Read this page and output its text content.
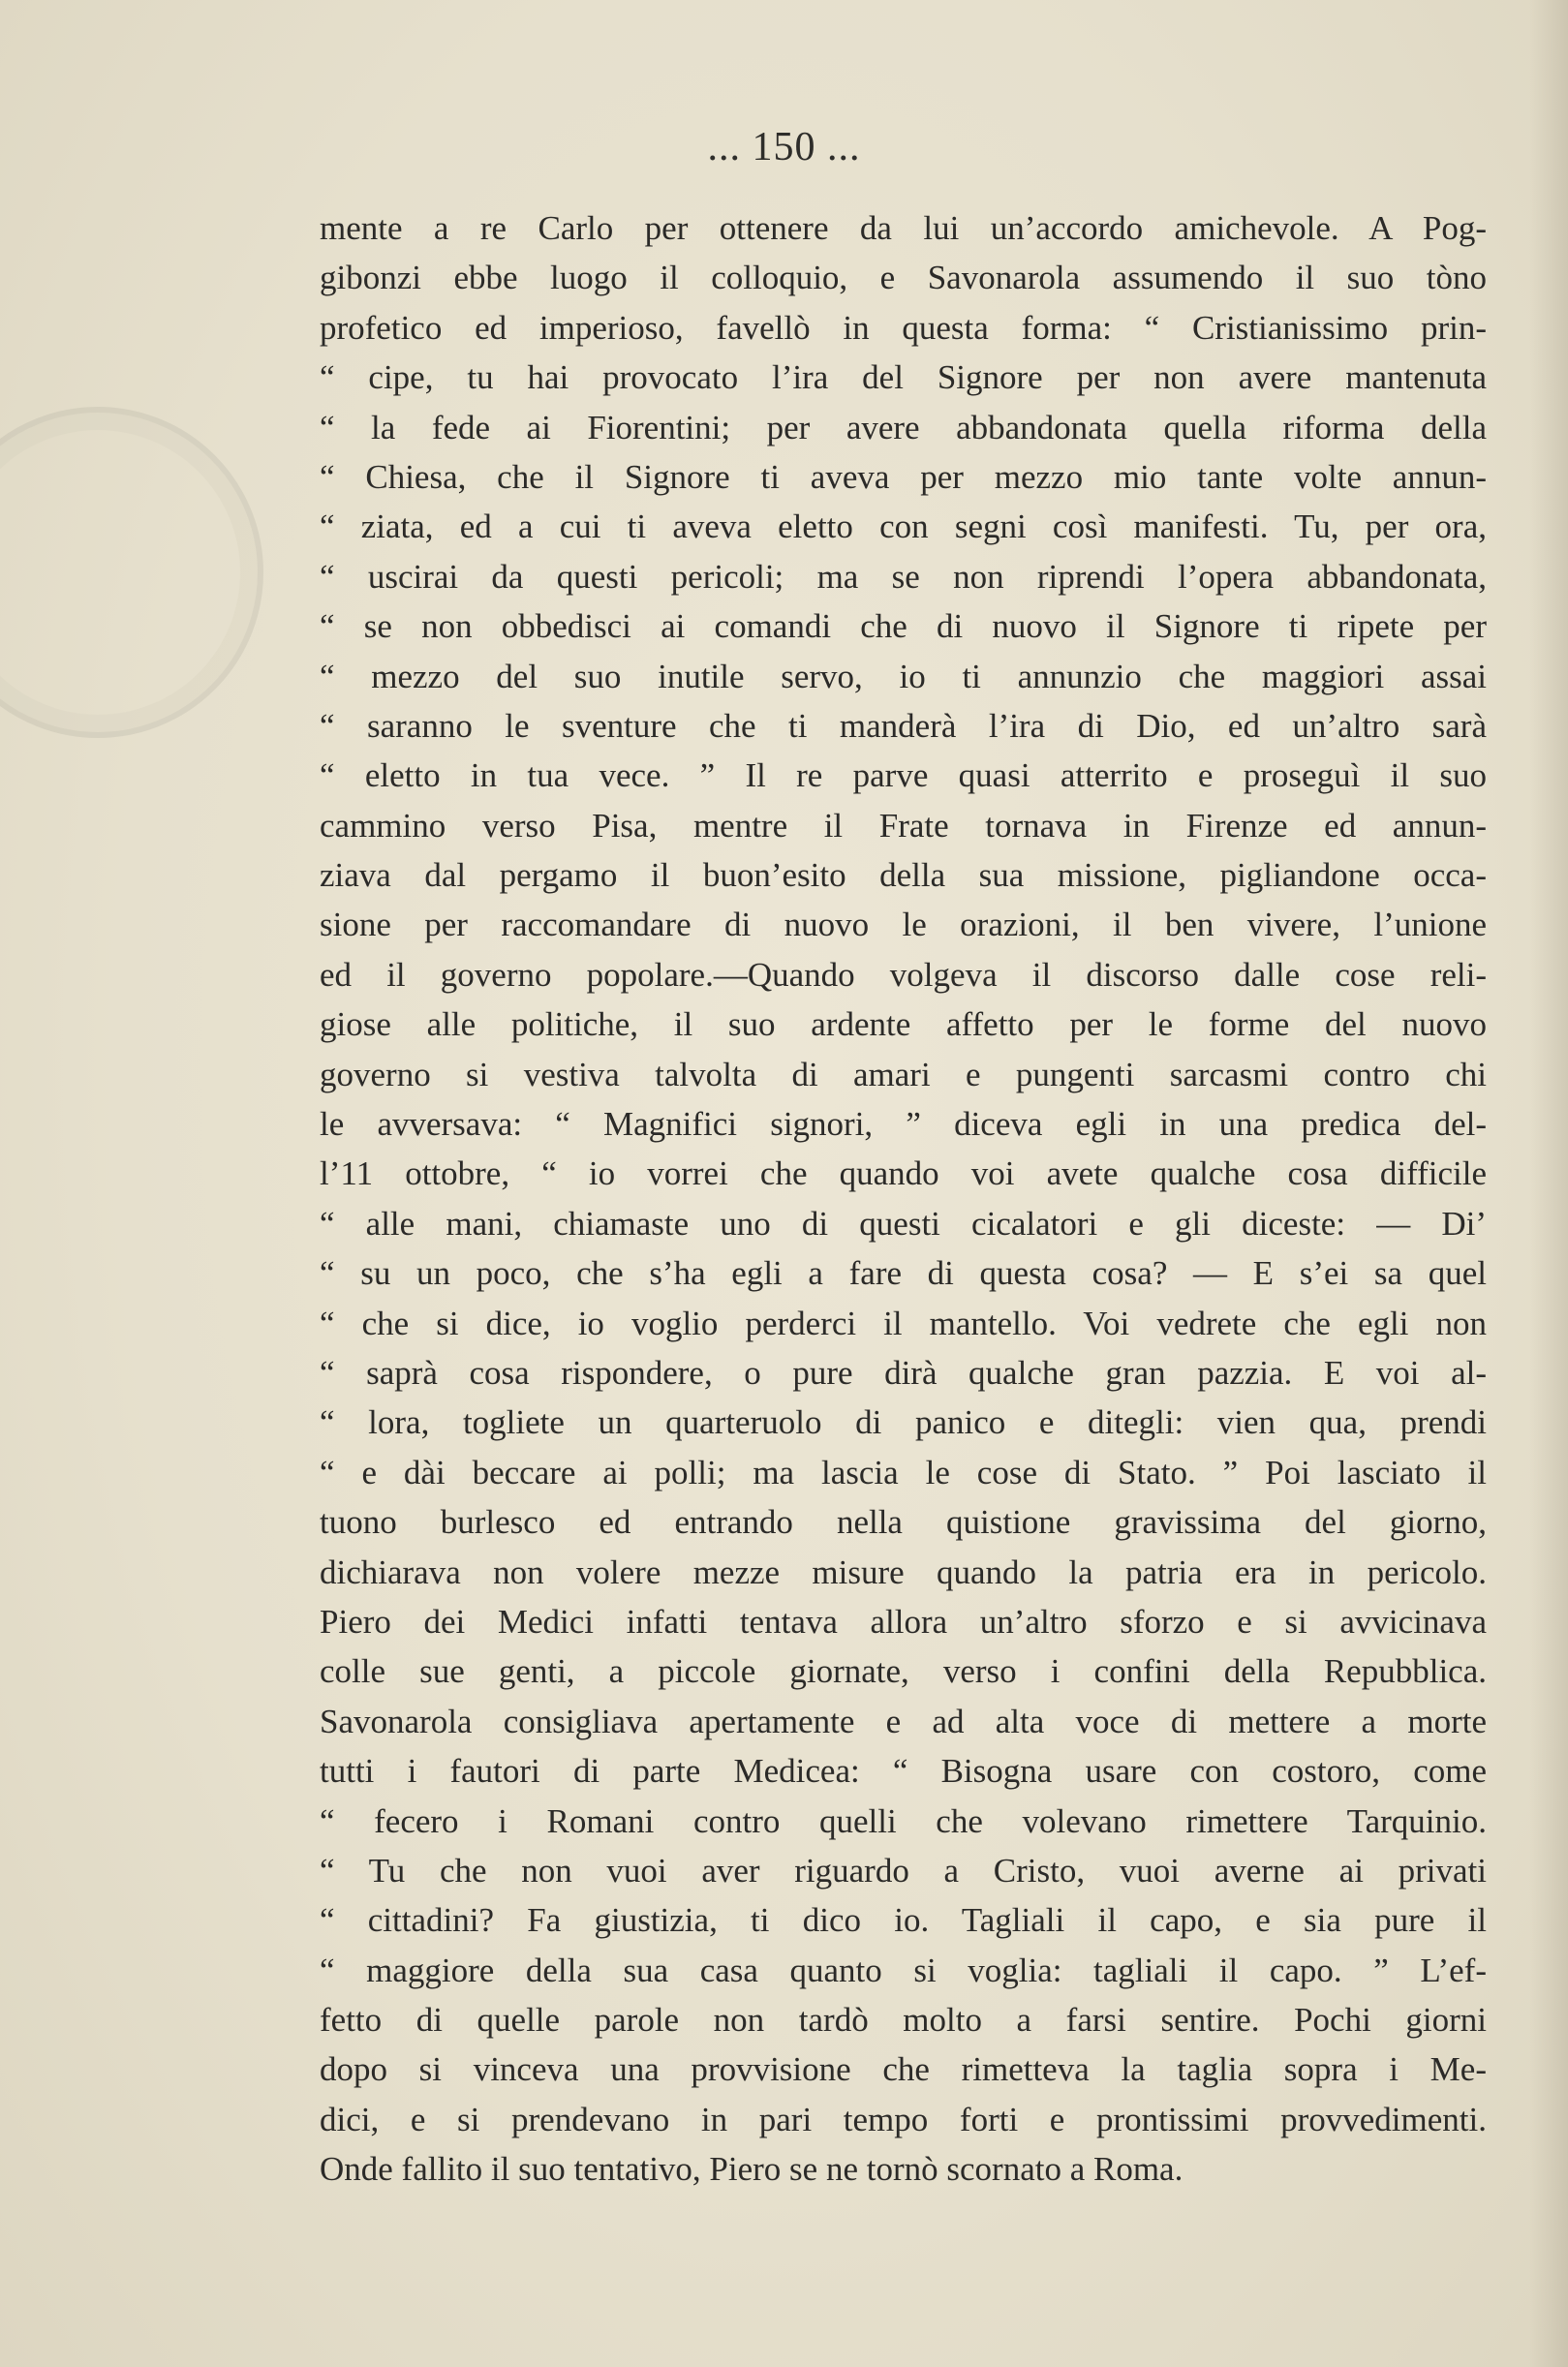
... 150 ...
mente a re Carlo per ottenere da lui un’accordo amichevole. A Pog-
gibonzi ebbe luogo il colloquio, e Savonarola assumendo il suo tòno
profetico ed imperioso, favellò in questa forma: “ Cristianissimo prin-
“ cipe, tu hai provocato l’ira del Signore per non avere mantenuta
“ la fede ai Fiorentini; per avere abbandonata quella riforma della
“ Chiesa, che il Signore ti aveva per mezzo mio tante volte annun-
“ ziata, ed a cui ti aveva eletto con segni così manifesti. Tu, per ora,
“ uscirai da questi pericoli; ma se non riprendi l’opera abbandonata,
“ se non obbedisci ai comandi che di nuovo il Signore ti ripete per
“ mezzo del suo inutile servo, io ti annunzio che maggiori assai
“ saranno le sventure che ti manderà l’ira di Dio, ed un’altro sarà
“ eletto in tua vece. ” Il re parve quasi atterrito e proseguì il suo
cammino verso Pisa, mentre il Frate tornava in Firenze ed annun-
ziava dal pergamo il buon’esito della sua missione, pigliandone occa-
sione per raccomandare di nuovo le orazioni, il ben vivere, l’unione
ed il governo popolare.—Quando volgeva il discorso dalle cose reli-
giose alle politiche, il suo ardente affetto per le forme del nuovo
governo si vestiva talvolta di amari e pungenti sarcasmi contro chi
le avversava: “ Magnifici signori, ” diceva egli in una predica del-
l’11 ottobre, “ io vorrei che quando voi avete qualche cosa difficile
“ alle mani, chiamaste uno di questi cicalatori e gli diceste: — Di’
“ su un poco, che s’ha egli a fare di questa cosa? — E s’ei sa quel
“ che si dice, io voglio perderci il mantello. Voi vedrete che egli non
“ saprà cosa rispondere, o pure dirà qualche gran pazzia. E voi al-
“ lora, togliete un quarteruolo di panico e ditegli: vien qua, prendi
“ e dài beccare ai polli; ma lascia le cose di Stato. ” Poi lasciato il
tuono burlesco ed entrando nella quistione gravissima del giorno,
dichiarava non volere mezze misure quando la patria era in pericolo.
Piero dei Medici infatti tentava allora un’altro sforzo e si avvicinava
colle sue genti, a piccole giornate, verso i confini della Repubblica.
Savonarola consigliava apertamente e ad alta voce di mettere a morte
tutti i fautori di parte Medicea: “ Bisogna usare con costoro, come
“ fecero i Romani contro quelli che volevano rimettere Tarquinio.
“ Tu che non vuoi aver riguardo a Cristo, vuoi averne ai privati
“ cittadini? Fa giustizia, ti dico io. Tagliali il capo, e sia pure il
“ maggiore della sua casa quanto si voglia: tagliali il capo. ” L’ef-
fetto di quelle parole non tardò molto a farsi sentire. Pochi giorni
dopo si vinceva una provvisione che rimetteva la taglia sopra i Me-
dici, e si prendevano in pari tempo forti e prontissimi provvedimenti.
Onde fallito il suo tentativo, Piero se ne tornò scornato a Roma.
